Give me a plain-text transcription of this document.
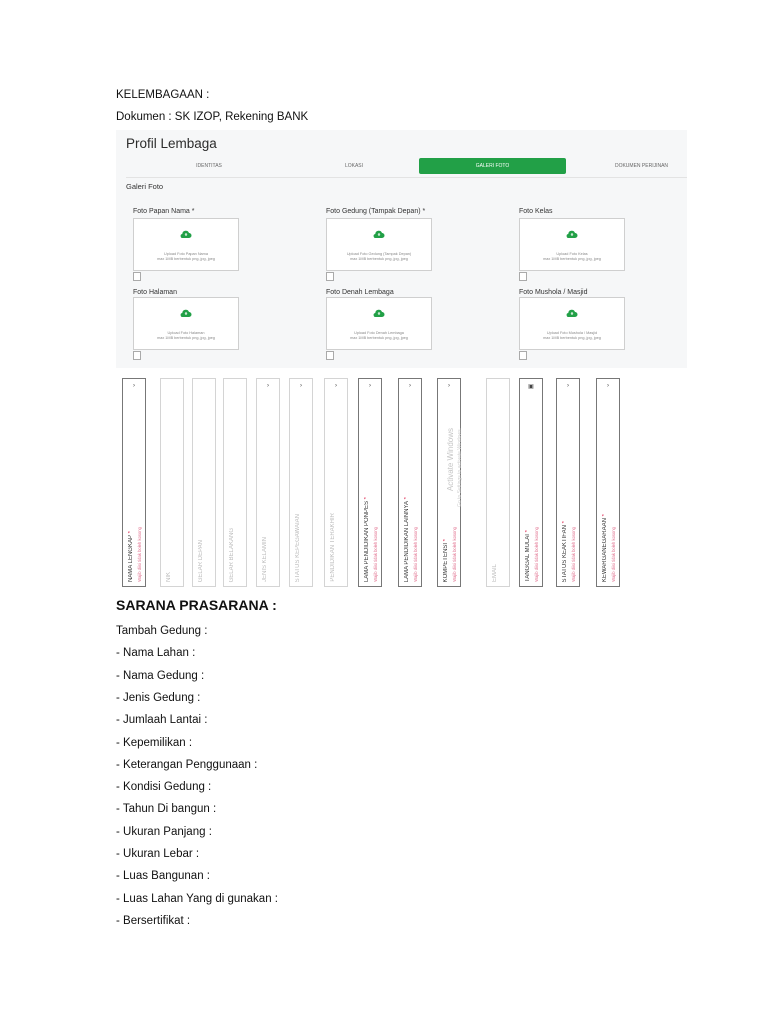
KELEMBAGAAN :
Dokumen : SK IZOP, Rekening BANK
Profil Lembaga
IDENTITAS	LOKASI	GALERI FOTO	DOKUMEN PERIJINAN
Galeri Foto
Foto Papan Nama *
Upload Foto Papan Nama
max 1MB berbentuk png, jpg, jpeg
Foto Gedung (Tampak Depan) *
Upload Foto Gedung (Tampak Depan)
max 1MB berbentuk png, jpg, jpeg
Foto Kelas
Upload Foto Kelas
max 1MB berbentuk png, jpg, jpeg
Foto Halaman
Upload Foto Halaman
max 1MB berbentuk png, jpg, jpeg
Foto Denah Lembaga
Upload Foto Denah Lembaga
max 1MB berbentuk png, jpg, jpeg
Foto Mushola / Masjid
Upload Foto Mushola / Masjid
max 1MB berbentuk png, jpg, jpeg
›
NAMA LENGKAP * Wajib diisi tidak boleh kosong	NIK	GELAR DEPAN	GELAR BELAKANG
›
JENIS KELAMIN
›
STATUS KEPEGAWAIAN
›
PENDIDIKAN TERAKHIR
›
LAMA PENDIDIKAN PONPES *
Wajib diisi tidak boleh kosong
›
LAMA PENDIDIKAN LAINNYA *
Wajib diisi tidak boleh kosong
›
KOMPETENSI * Wajib diisi tidak boleh kosong	EMAIL
▣
TANGGAL MULAI * Wajib diisi tidak boleh kosong
›
STATUS KEAKTIFAN *
Wajib diisi tidak boleh kosong
›
KEWARGANEGARAAN *
Wajib diisi tidak boleh kosong
Activate Windows Go to Settings to activate Windows.
SARANA PRASARANA :
Tambah Gedung :
- Nama Lahan :
- Nama Gedung :
- Jenis Gedung :
- Jumlaah Lantai :
- Kepemilikan :
- Keterangan Penggunaan :
- Kondisi Gedung :
- Tahun Di bangun :
- Ukuran Panjang :
- Ukuran Lebar :
- Luas Bangunan :
- Luas Lahan Yang di gunakan :
- Bersertifikat :
